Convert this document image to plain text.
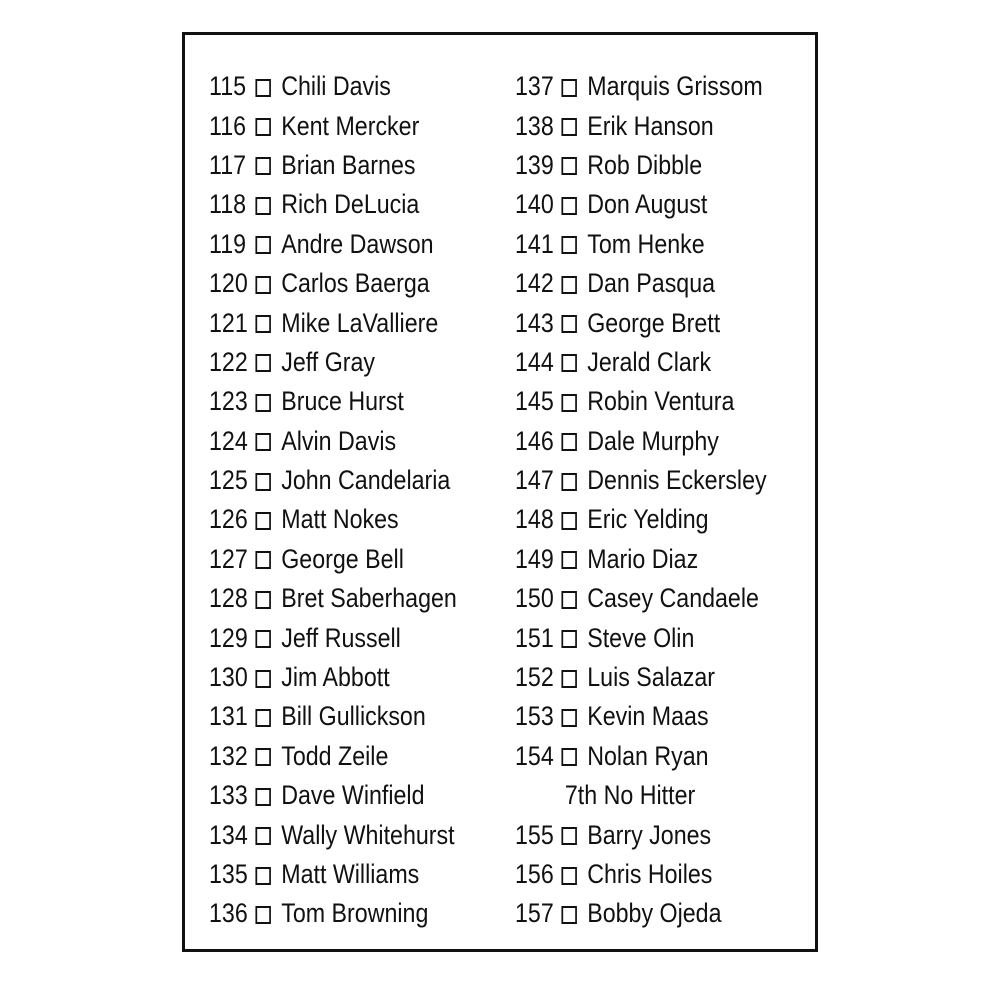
115 Chili Davis
116 Kent Mercker
117 Brian Barnes
118 Rich DeLucia
119 Andre Dawson
120 Carlos Baerga
121 Mike LaValliere
122 Jeff Gray
123 Bruce Hurst
124 Alvin Davis
125 John Candelaria
126 Matt Nokes
127 George Bell
128 Bret Saberhagen
129 Jeff Russell
130 Jim Abbott
131 Bill Gullickson
132 Todd Zeile
133 Dave Winfield
134 Wally Whitehurst
135 Matt Williams
136 Tom Browning
137 Marquis Grissom
138 Erik Hanson
139 Rob Dibble
140 Don August
141 Tom Henke
142 Dan Pasqua
143 George Brett
144 Jerald Clark
145 Robin Ventura
146 Dale Murphy
147 Dennis Eckersley
148 Eric Yelding
149 Mario Diaz
150 Casey Candaele
151 Steve Olin
152 Luis Salazar
153 Kevin Maas
154 Nolan Ryan
7th No Hitter
155 Barry Jones
156 Chris Hoiles
157 Bobby Ojeda
